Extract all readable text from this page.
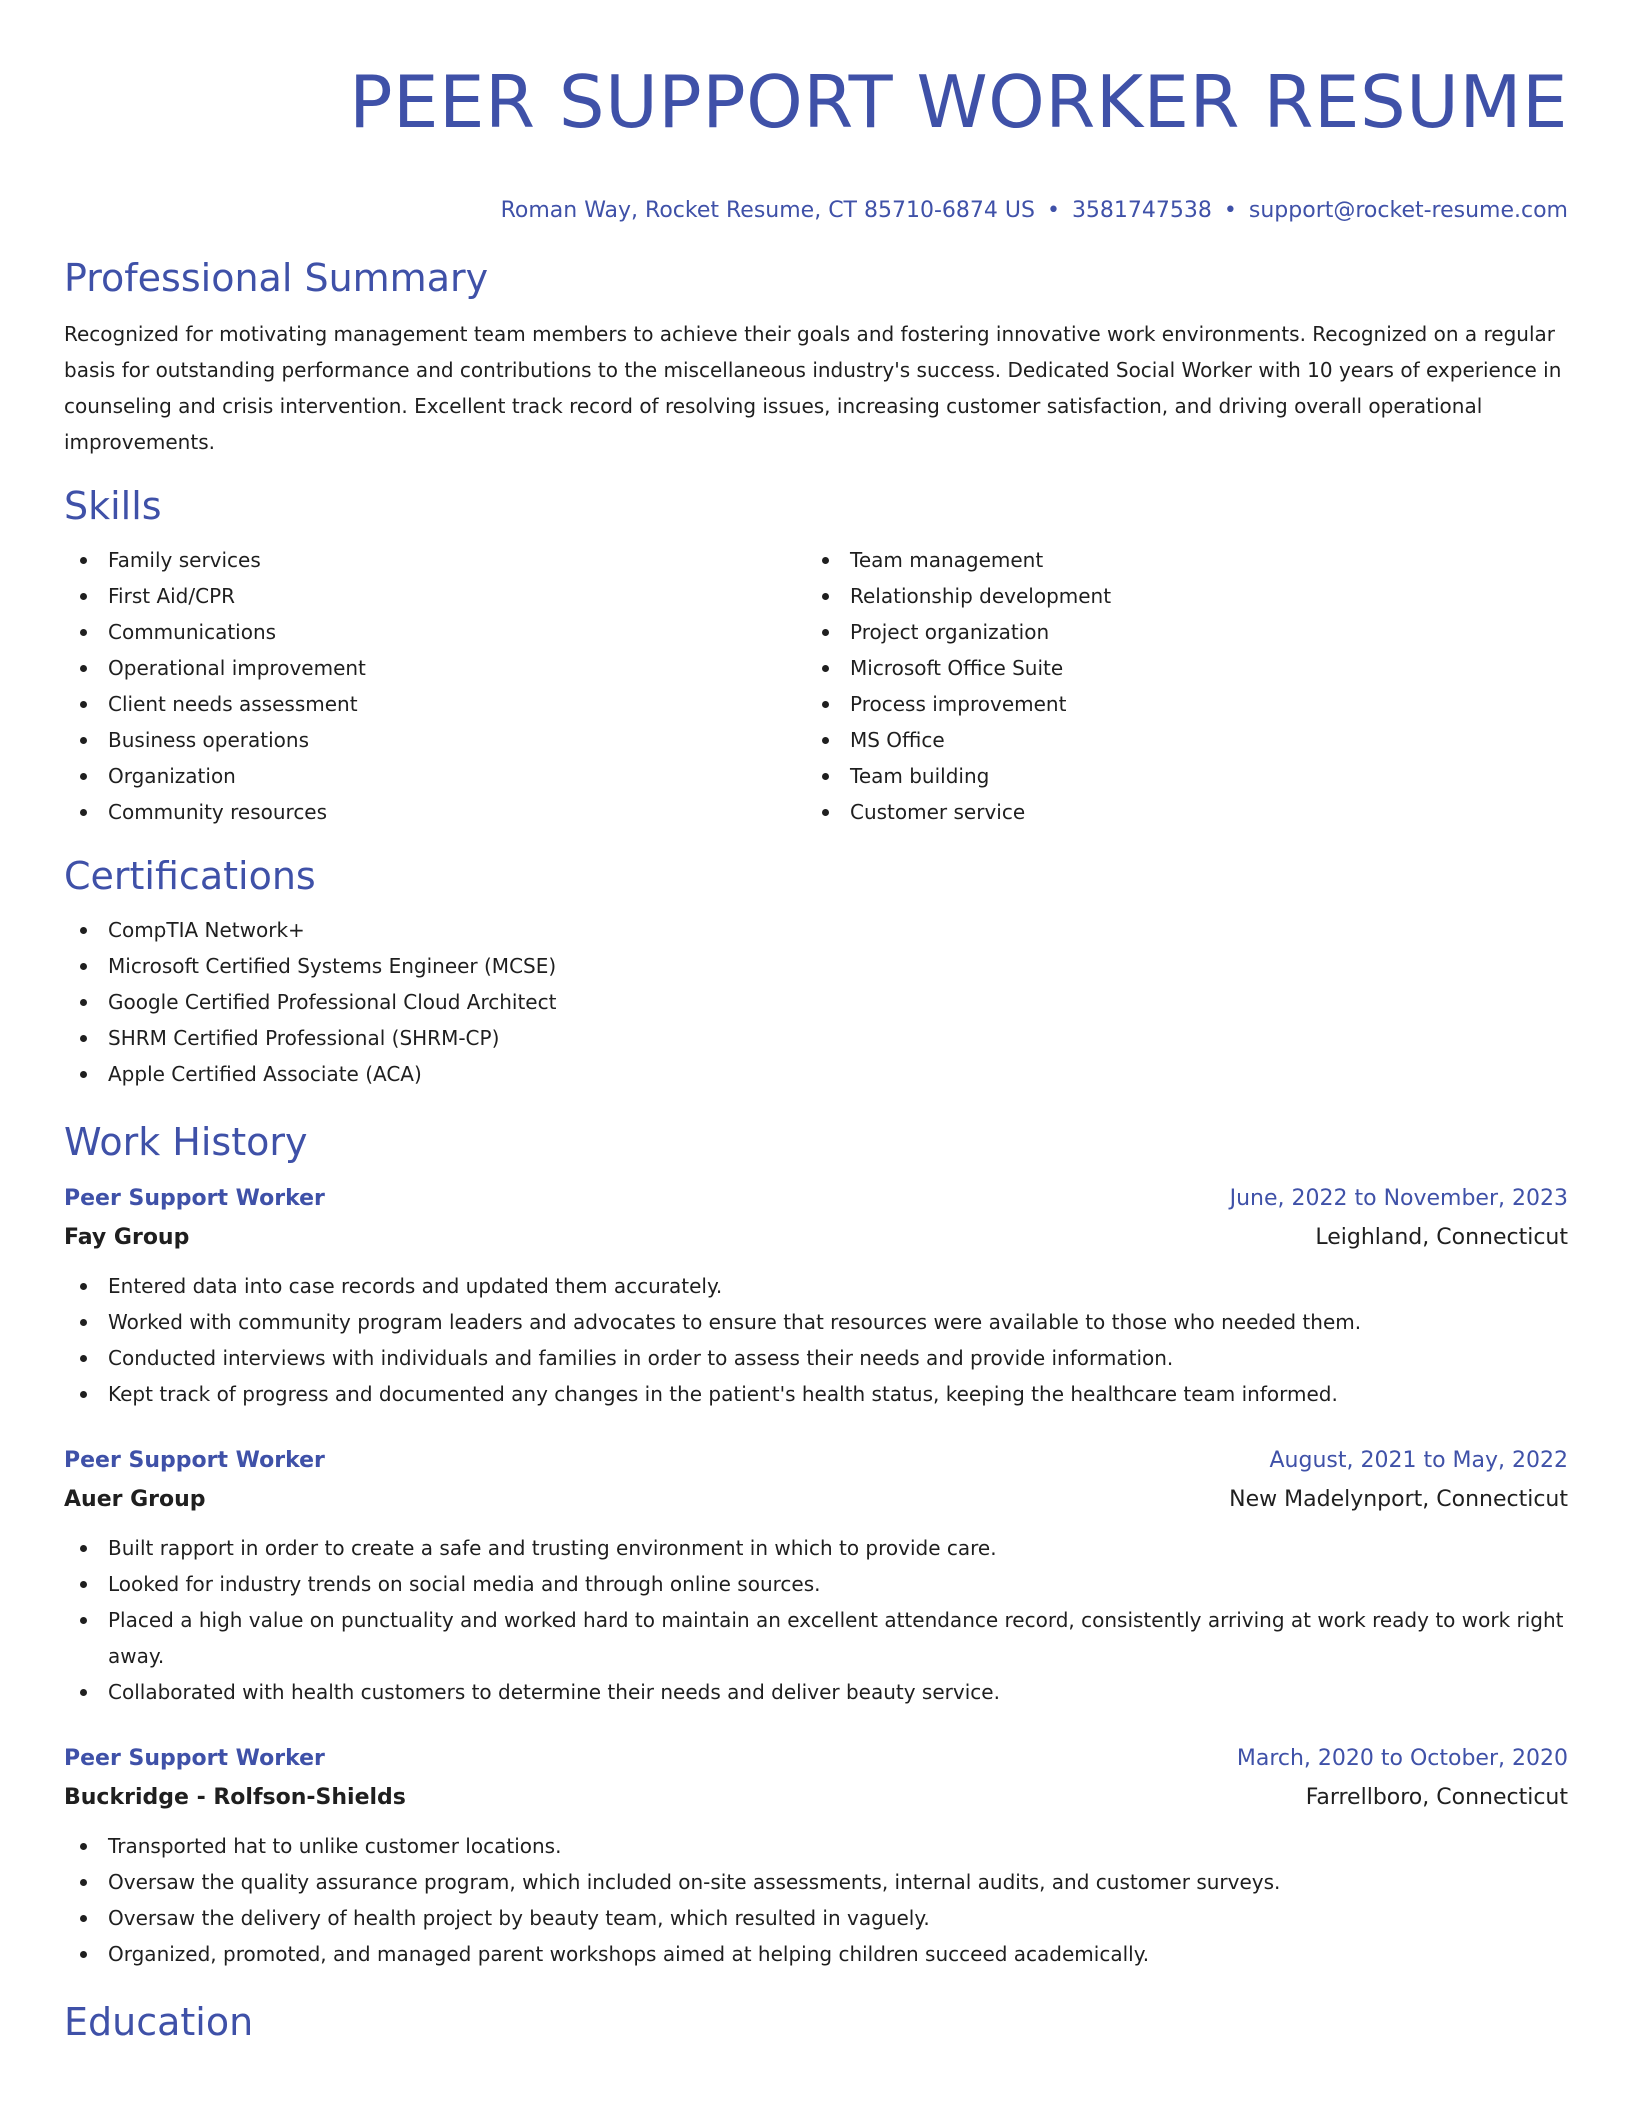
PEER SUPPORT WORKER RESUME
Roman Way, Rocket Resume, CT 85710-6874 US • 3581747538 • support@rocket-resume.com
Professional Summary

Recognized for motivating management team members to achieve their goals and fostering innovative work environments. Recognized on a regular basis for outstanding performance and contributions to the miscellaneous industry's success. Dedicated Social Worker with 10 years of experience in counseling and crisis intervention. Excellent track record of resolving issues, increasing customer satisfaction, and driving overall operational improvements.

Skills
Family services
First Aid/CPR
Communications
Operational improvement
Client needs assessment
Business operations
Organization
Community resources
Team management
Relationship development
Project organization
Microsoft Office Suite
Process improvement
MS Office
Team building
Customer service
Certifications
CompTIA Network+
Microsoft Certified Systems Engineer (MCSE)
Google Certified Professional Cloud Architect
SHRM Certified Professional (SHRM-CP)
Apple Certified Associate (ACA)
Work History
Peer Support Worker	June, 2022 to November, 2023
Fay Group	Leighland, Connecticut
Entered data into case records and updated them accurately.
Worked with community program leaders and advocates to ensure that resources were available to those who needed them.
Conducted interviews with individuals and families in order to assess their needs and provide information.
Kept track of progress and documented any changes in the patient's health status, keeping the healthcare team informed.
Peer Support Worker	August, 2021 to May, 2022
Auer Group	New Madelynport, Connecticut
Built rapport in order to create a safe and trusting environment in which to provide care.
Looked for industry trends on social media and through online sources.
Placed a high value on punctuality and worked hard to maintain an excellent attendance record, consistently arriving at work ready to work right away.
Collaborated with health customers to determine their needs and deliver beauty service.
Peer Support Worker	March, 2020 to October, 2020
Buckridge - Rolfson-Shields	Farrellboro, Connecticut
Transported hat to unlike customer locations.
Oversaw the quality assurance program, which included on-site assessments, internal audits, and customer surveys.
Oversaw the delivery of health project by beauty team, which resulted in vaguely.
Organized, promoted, and managed parent workshops aimed at helping children succeed academically.
Education
